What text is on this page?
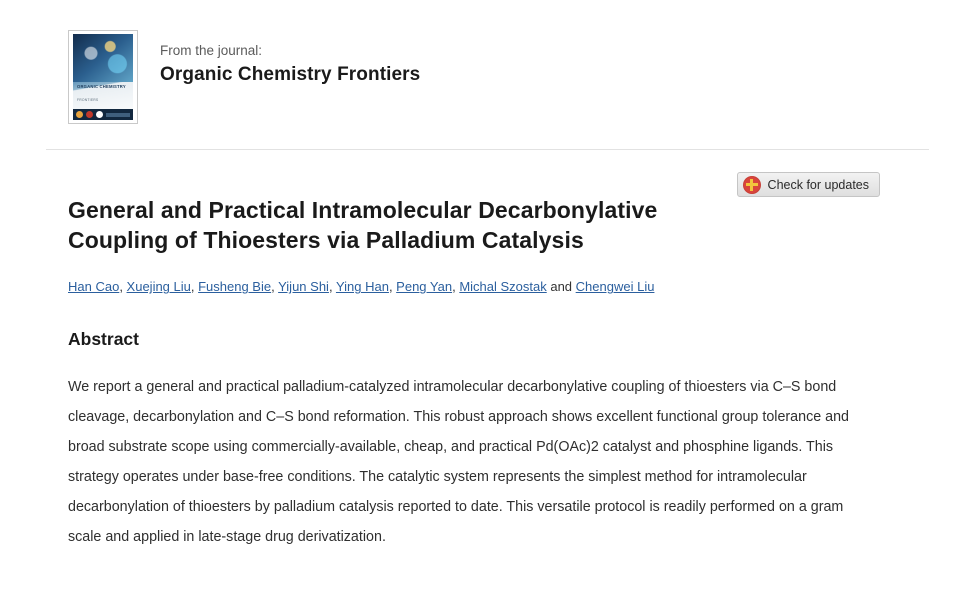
ORGANIC CHEMISTRY
FRONTIERS
From the journal:
Organic Chemistry Frontiers
Check for updates
General and Practical Intramolecular Decarbonylative Coupling of Thioesters via Palladium Catalysis
Han Cao, Xuejing Liu, Fusheng Bie, Yijun Shi, Ying Han, Peng Yan, Michal Szostak and Chengwei Liu
Abstract

We report a general and practical palladium-catalyzed intramolecular decarbonylative coupling of thioesters via C–S bond cleavage, decarbonylation and C–S bond reformation. This robust approach shows excellent functional group tolerance and broad substrate scope using commercially-available, cheap, and practical Pd(OAc)2 catalyst and phosphine ligands. This strategy operates under base-free conditions. The catalytic system represents the simplest method for intramolecular decarbonylation of thioesters by palladium catalysis reported to date. This versatile protocol is readily performed on a gram scale and applied in late-stage drug derivatization.
